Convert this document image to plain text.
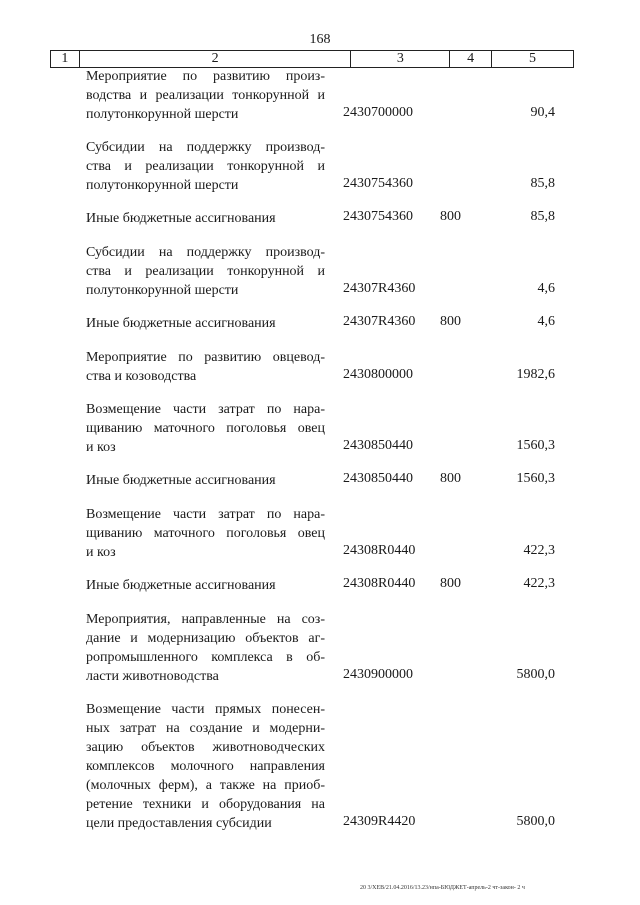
168
1	2	3	4	5
Мероприятие по развитию произ-
водства и реализации тонкорунной и
полутонкорунной шерсти	2430700000	90,4
Субсидии на поддержку производ-
ства и реализации тонкорунной и
полутонкорунной шерсти	2430754360	85,8
Иные бюджетные ассигнования	2430754360 800	85,8
Субсидии на поддержку производ-
ства и реализации тонкорунной и
полутонкорунной шерсти	24307R4360	4,6
Иные бюджетные ассигнования	24307R4360 800	4,6
Мероприятие по развитию овцевод-
ства и козоводства	2430800000	1982,6
Возмещение части затрат по нара-
щиванию маточного поголовья овец
и коз	2430850440	1560,3
Иные бюджетные ассигнования	2430850440 800	1560,3
Возмещение части затрат по нара-
щиванию маточного поголовья овец
и коз	24308R0440	422,3
Иные бюджетные ассигнования	24308R0440 800	422,3
Мероприятия, направленные на соз-
дание и модернизацию объектов аг-
ропромышленного комплекса в об-
ласти животноводства	2430900000	5800,0
Возмещение части прямых понесен-
ных затрат на создание и модерни-
зацию объектов животноводческих
комплексов молочного направления
(молочных ферм), а также на приоб-
ретение техники и оборудования на
цели предоставления субсидии	24309R4420	5800,0
20 3/ХЕВ/21.04.2016/13.23/нпа-БЮДЖЕТ-апрель-2 чт-закон- 2 ч
